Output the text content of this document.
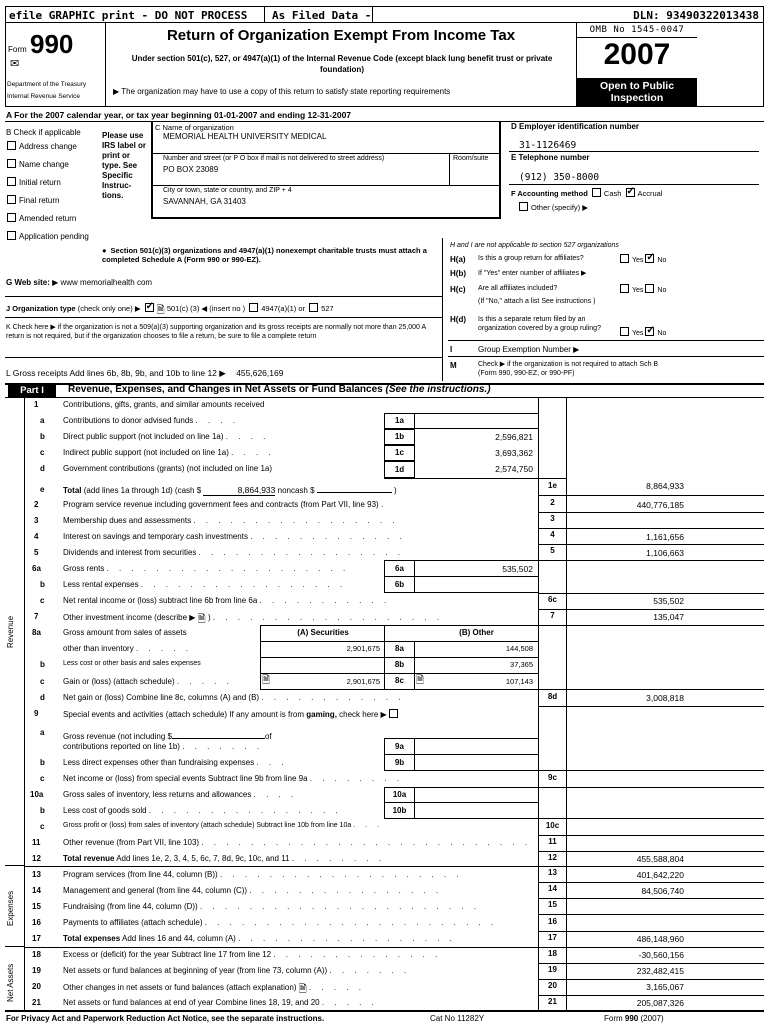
efile GRAPHIC print - DO NOT PROCESS As Filed Data -	DLN: 93490322013438
Form 990
✉
Department of the Treasury
Internal Revenue Service
Return of Organization Exempt From Income Tax
Under section 501(c), 527, or 4947(a)(1) of the Internal Revenue Code (except black lung benefit trust or private foundation)
▶ The organization may have to use a copy of this return to satisfy state reporting requirements
OMB No 1545-0047
2007
Open to Public
Inspection
A For the 2007 calendar year, or tax year beginning 01-01-2007 and ending 12-31-2007
B Check if applicable
Address change
Name change
Initial return
Final return
Amended return
Application pending
Please use IRS label or print or type. See Specific Instruc- tions.
C Name of organization
MEMORIAL HEALTH UNIVERSITY MEDICAL
Number and street (or P O box if mail is not delivered to street address)	Room/suite
PO BOX 23089
City or town, state or country, and ZIP + 4
SAVANNAH, GA 31403
D Employer identification number
31-1126469
E Telephone number
(912) 350-8000
F Accounting method Cash ✓ Accrual
Other (specify) ▶
● Section 501(c)(3) organizations and 4947(a)(1) nonexempt charitable trusts must attach a completed Schedule A (Form 990 or 990-EZ).
G Web site: ▶ www memorialhealth com
J Organization type (check only one) ▶ ✓🗎 501(c) (3) ◀ (insert no ) 4947(a)(1) or 527
K Check here ▶ if the organization is not a 509(a)(3) supporting organization and its gross receipts are normally not more than 25,000 A return is not required, but if the organization chooses to file a return, be sure to file a complete return
L Gross receipts Add lines 6b, 8b, 9b, and 10b to line 12 ▶ 455,626,169
H and I are not applicable to section 527 organizations
H(a) Is this a group return for affiliates?	Yes ✓ No
H(b) If "Yes" enter number of affiliates ▶
H(c) Are all affiliates included?	Yes No
(If "No," attach a list See instructions )
H(d) Is this a separate return filed by an organization covered by a group ruling?
Yes ✓ No
I	Group Exemption Number ▶
M	Check ▶ if the organization is not required to attach Sch B (Form 990, 990-EZ, or 990-PF)
Part I	Revenue, Expenses, and Changes in Net Assets or Fund Balances (See the instructions.)
Revenue
Expenses
Net Assets
1	Contributions, gifts, grants, and similar amounts received
a Contributions to donor advised funds . . . .	1a
b Direct public support (not included on line 1a) . . . .	1b	2,596,821
c Indirect public support (not included on line 1a) . . . .	1c	3,693,362
d Government contributions (grants) (not included on line 1a)	1d	2,574,750
e Total (add lines 1a through 1d) (cash $	8,864,933 noncash $	)
1e	8,864,933
2	Program service revenue including government fees and contracts (from Part VII, line 93) .	2	440,776,185
3	Membership dues and assessments . . . . . . . . . . . . . . . . .	3
4	Interest on savings and temporary cash investments . . . . . . . . . . . . .	4	1,161,656
5	Dividends and interest from securities . . . . . . . . . . . . . . . . .	5	1,106,663
6a	Gross rents . . . . . . . . . . . . . . . . . . . .	6a	535,502
b Less rental expenses . . . . . . . . . . . . . . . . .	6b
c Net rental income or (loss) subtract line 6b from line 6a . . . . . . . . . . .	6c	535,502
7	Other investment income (describe ▶ 🗎 ) . . . . . . . . . . . . . . . . . . .	7	135,047
8a	Gross amount from sales of assets
other than inventory . . . . .
(A) Securities	(B) Other
2,901,675	8a	144,508
b	Less cost or other basis and sales expenses	8b	37,365
c Gain or (loss) (attach schedule) . . . . .	🗎	2,901,675	8c	🗎	107,143
d Net gain or (loss) Combine line 8c, columns (A) and (B) . . . . . . . . . . . .	8d	3,008,818
9	Special events and activities (attach schedule) If any amount is from gaming, check here ▶
a Gross revenue (not including $	of
contributions reported on line 1b) . . . . . . .	9a
b Less direct expenses other than fundraising expenses . . .	9b
c Net income or (loss) from special events Subtract line 9b from line 9a . . . . . . . .	9c
10a Gross sales of inventory, less returns and allowances . . . .	10a
b Less cost of goods sold . . . . . . . . . . . . . . . .	10b
c	Gross profit or (loss) from sales of inventory (attach schedule) Subtract line 10b from line 10a . . .	10c
11	Other revenue (from Part VII, line 103) . . . . . . . . . . . . . . . . . . . . . . . . . . .	11
12	Total revenue Add lines 1e, 2, 3, 4, 5, 6c, 7, 8d, 9c, 10c, and 11 . . . . . . . .	12	455,588,804
13	Program services (from line 44, column (B)) . . . . . . . . . . . . . . . . . . . .	13	401,642,220
14	Management and general (from line 44, column (C)) . . . . . . . . . . . . . . . .	14	84,506,740
15	Fundraising (from line 44, column (D)) . . . . . . . . . . . . . . . . . . . . . . .	15
16	Payments to affiliates (attach schedule) . . . . . . . . . . . . . . . . . . . . . . . .	16
17	Total expenses Add lines 16 and 44, column (A) . . . . . . . . . . . . . . . . . .	17	486,148,960
18	Excess or (deficit) for the year Subtract line 17 from line 12 . . . . . . . . . . . . . .	18	-30,560,156
19	Net assets or fund balances at beginning of year (from line 73, column (A)) . . . . . . .	19	232,482,415
20	Other changes in net assets or fund balances (attach explanation) 🗎 . . . . .	20	3,165,067
21	Net assets or fund balances at end of year Combine lines 18, 19, and 20 . . . . .	21	205,087,326
For Privacy Act and Paperwork Reduction Act Notice, see the separate instructions.	Cat No 11282Y	Form 990 (2007)
